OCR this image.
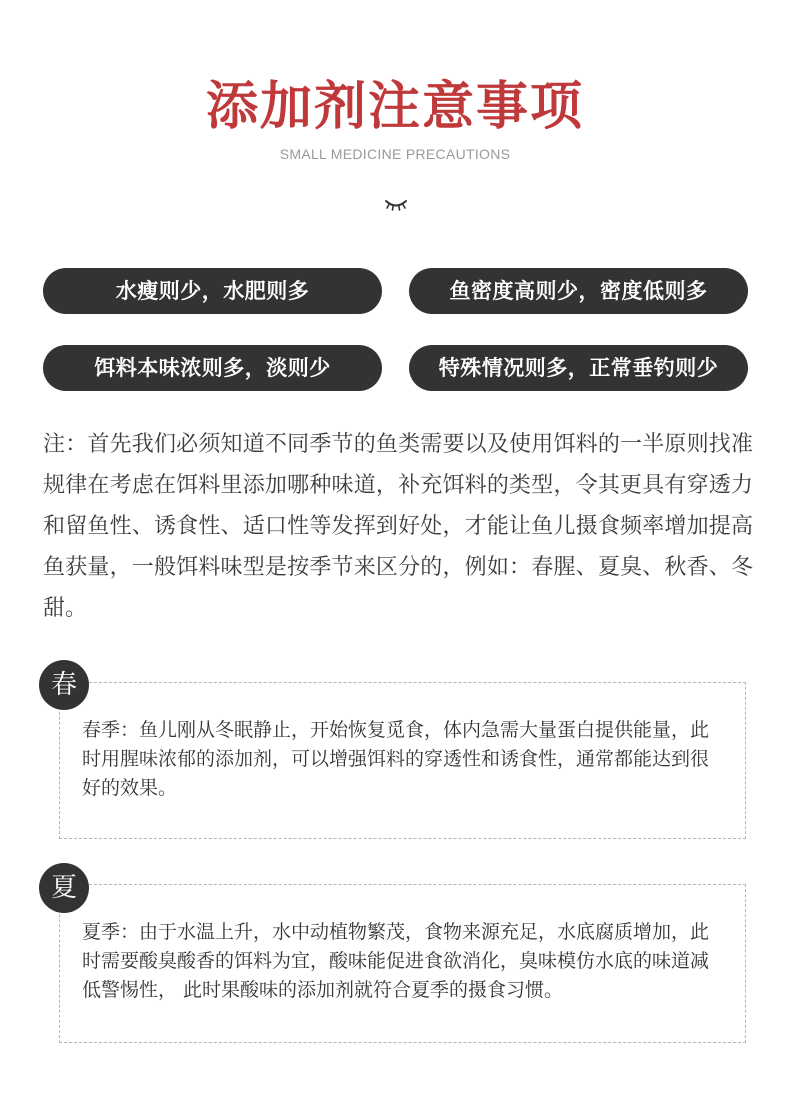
添加剂注意事项
SMALL MEDICINE PRECAUTIONS
水瘦则少，水肥则多	鱼密度高则少，密度低则多
饵料本味浓则多，淡则少	特殊情况则多，正常垂钓则少
注：首先我们必须知道不同季节的鱼类需要以及使用饵料的一半原则找准规律在考虑在饵料里添加哪种味道，补充饵料的类型，令其更具有穿透力和留鱼性、诱食性、适口性等发挥到好处，才能让鱼儿摄食频率增加提高鱼获量，一般饵料味型是按季节来区分的，例如：春腥、夏臭、秋香、冬甜。
春季：鱼儿刚从冬眠静止，开始恢复觅食，体内急需大量蛋白提供能量，此时用腥味浓郁的添加剂，可以增强饵料的穿透性和诱食性，通常都能达到很好的效果。
春
夏季：由于水温上升，水中动植物繁茂，食物来源充足，水底腐质增加，此时需要酸臭酸香的饵料为宜，酸味能促进食欲消化，臭味模仿水底的味道减低警惕性， 此时果酸味的添加剂就符合夏季的摄食习惯。
夏
